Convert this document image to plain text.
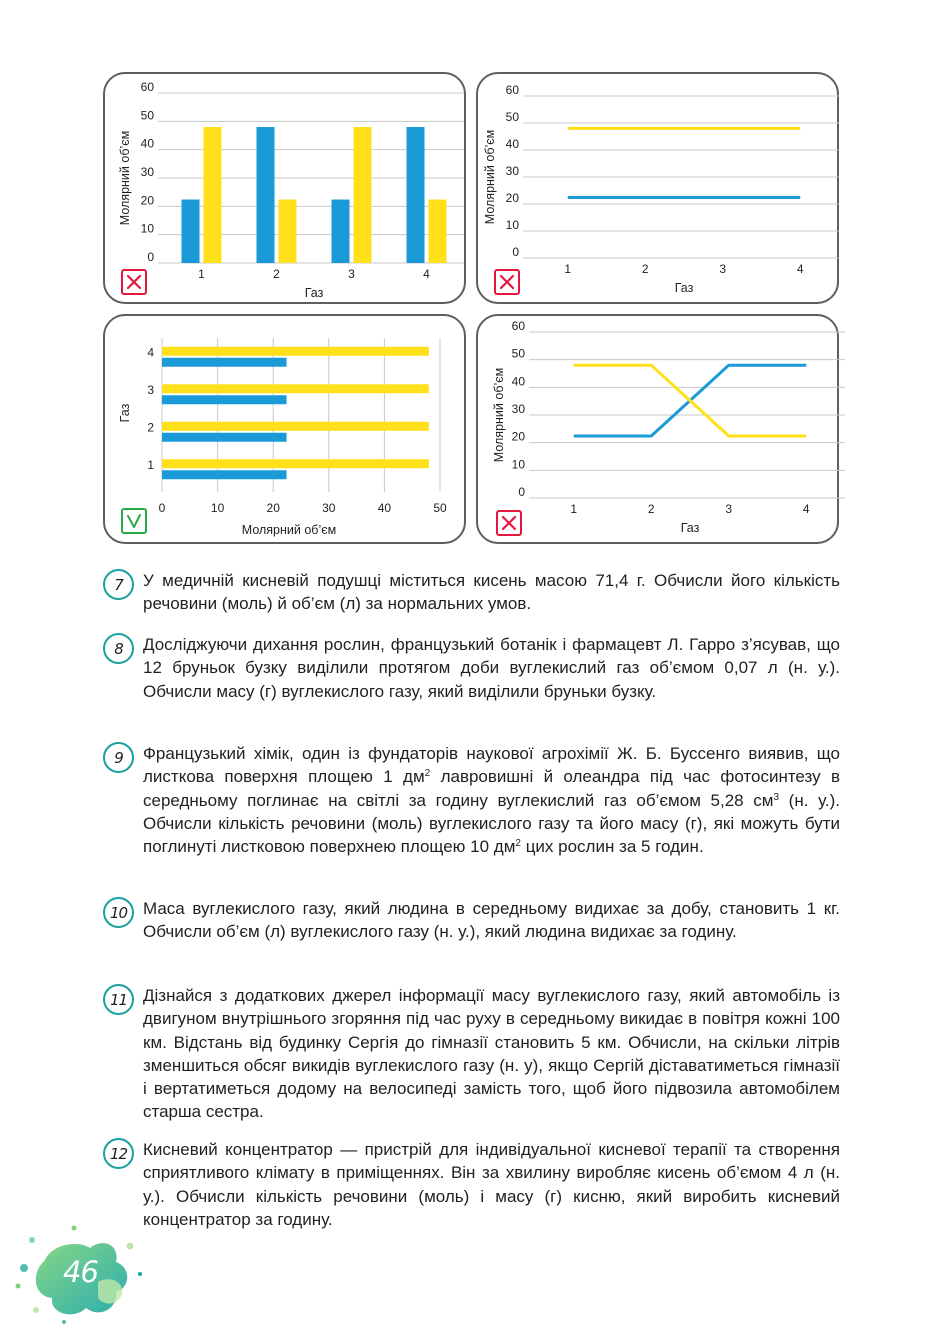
0
10
20
30
40
50
60
1	2	3	4
Газ
Молярний об’єм
0
10
20
30
40
50
60
1	2	3	4
Газ
Молярний об’єм
0	10	20	30	40	50
1
2
3
4
Молярний об’єм
Газ
0
10
20
30
40
50
60
1	2	3	4
Газ
Молярний об’єм
7	У медичній кисневій подушці міститься кисень масою 71,4 г. Обчисли його кількість речовини (моль) й об’єм (л) за нормальних умов.

8	Досліджуючи дихання рослин, французький ботанік і фармацевт Л. Гарро з’ясував, що 12 бруньок бузку виділили протягом доби вуглекислий газ об’ємом 0,07 л (н. у.). Обчисли масу (г) вуглекислого газу, який виділили бруньки бузку.

9	Французький хімік, один із фундаторів наукової агрохімії Ж. Б. Буссенго виявив, що листкова поверхня площею 1 $дм^2$ лавровишні й олеандра під час фотосинтезу в середньому поглинає на світлі за годину вуглекислий газ об’ємом 5,28 $см^3$ (н. у.). Обчисли кількість речовини (моль) вуглекислого газу та його масу (г), які можуть бути поглинуті листковою поверхнею площею 10 $дм^2$ цих рослин за 5 годин.

10 Маса вуглекислого газу, який людина в середньому видихає за добу, становить 1 кг. Обчисли об’єм (л) вуглекислого газу (н. у.), який людина видихає за годину.

11 Дізнайся з додаткових джерел інформації масу вуглекислого газу, який автомобіль із двигуном внутрішнього згоряння під час руху в середньому викидає в повітря кожні 100 км. Відстань від будинку Сергія до гімназії становить 5 км. Обчисли, на скільки літрів зменшиться обсяг викидів вуглекислого газу (н. у), якщо Сергій діставатиметься гімназії і вертатиметься додому на велосипеді замість того, щоб його підвозила автомобілем старша сестра.

12 Кисневий концентратор — пристрій для індивідуальної кисневої терапії та створення сприятливого клімату в приміщеннях. Він за хвилину виробляє кисень об’ємом 4 л (н. у.). Обчисли кількість речовини (моль) і масу (г) кисню, який виробить кисневий концентратор за годину.

46
